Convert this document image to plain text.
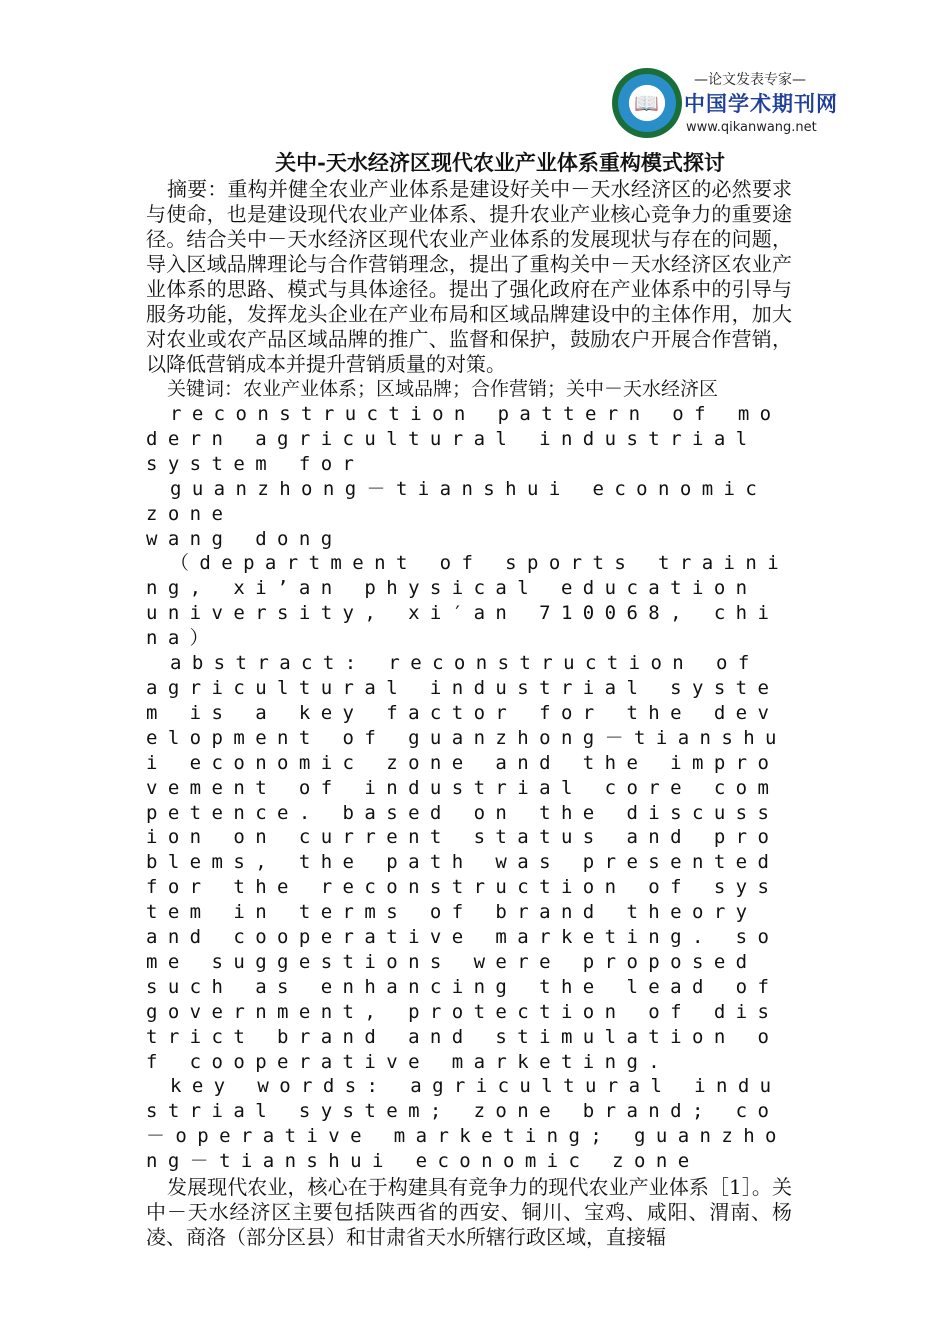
📖
—论文发表专家—
中国学术期刊网
www.qikanwang.net
关中-天水经济区现代农业产业体系重构模式探讨

摘要：重构并健全农业产业体系是建设好关中－天水经济区的必然要求与使命，也是建设现代农业产业体系、提升农业产业核心竞争力的重要途径。结合关中－天水经济区现代农业产业体系的发展现状与存在的问题，导入区域品牌理论与合作营销理念，提出了重构关中－天水经济区农业产业体系的思路、模式与具体途径。提出了强化政府在产业体系中的引导与服务功能，发挥龙头企业在产业布局和区域品牌建设中的主体作用，加大对农业或农产品区域品牌的推广、监督和保护，鼓励农户开展合作营销，以降低营销成本并提升营销质量的对策。

关键词：农业产业体系；区域品牌；合作营销；关中－天水经济区

reconstruction pattern of modern agricultural industrial system for

guanzhong－tianshui economic zone

wang dong

（department of sports training, xi’an physical education university, xi′an 710068, china）

abstract: reconstruction of agricultural industrial system is a key factor for the development of guanzhong－tianshui economic zone and the improvement of industrial core competence. based on the discussion on current status and problems, the path was presented for the reconstruction of system in terms of brand theory and cooperative marketing. some suggestions were proposed such as enhancing the lead of government, protection of district brand and stimulation of cooperative marketing.

key words: agricultural industrial system; zone brand; co－operative marketing; guanzhong－tianshui economic zone

发展现代农业，核心在于构建具有竞争力的现代农业产业体系［1］。关中－天水经济区主要包括陕西省的西安、铜川、宝鸡、咸阳、渭南、杨凌、商洛（部分区县）和甘肃省天水所辖行政区域，直接辐
